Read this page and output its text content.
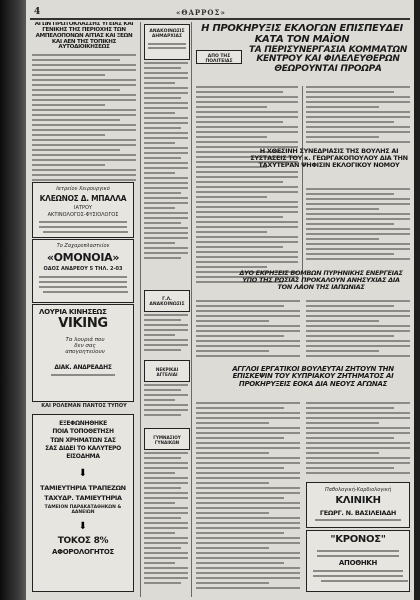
4	«ΘΑΡΡΟΣ»
ΑΓΩΝ ΠΡΩΤΟΚΛΑΣΣΗΣ ΥΓΕΙΑΣ ΚΑΙ ΓΕΝΙΚΗΣ ΤΗΣ ΠΕΡΙΟΧΗΣ ΤΩΝ ΑΜΠΕΛΟΠΟΝΩΝ ΑΙΤΙΑΣ ΚΑΙ ΞΕΩΝ ΚΑΙ ΑΕΝ ΤΗΣ ΤΟΠΙΚΗΣ ΑΥΤΟΔΙΟΙΚΗΣΕΩΣ
Ιατρείον Χειρουργικό
ΚΛΕΩΝΟΣ Δ. ΜΠΑΛΛΑ
ΙΑΤΡΟΥ
ΑΚΤΙΝΟΛΟΓΟΣ-ΦΥΣΙΟΛΟΓΟΣ
Το Ζαχαροπλαστείον
«ΟΜΟΝΟΙΑ»
ΟΔΟΣ ΑΝΔΡΕΟΥ 5 ΤΗΛ. 2-03
ΛΟΥΡΙΑ ΚΙΝΗΣΕΩΣ
VIKING
Τα λουριά που δεν σας απογοητεύουν
ΔΙΑΚ. ΑΝΔΡΕΑΔΗΣ
ΚΑΙ ΡΟΛΕΜΑΝ ΠΑΝΤΟΣ ΤΥΠΟΥ
ΕΞΕΦΩΝΗΘΗΚΕ
ΠΟΙΑ ΤΟΠΟΘΕΤΗΣΗ
ΤΩΝ ΧΡΗΜΑΤΩΝ ΣΑΣ
ΣΑΣ ΔΙΔΕΙ ΤΟ ΚΑΛΥΤΕΡΟ
ΕΙΣΟΔΗΜΑ
⬇
ΤΑΜΙΕΥΤΗΡΙΑ ΤΡΑΠΕΖΩΝ
ΤΑΧΥΔΡ. ΤΑΜΙΕΥΤΗΡΙΑ
ΤΑΜΕΙΟΝ ΠΑΡΑΚΑΤΑΘΗΚΩΝ & ΔΑΝΕΙΩΝ
⬇
ΤΟΚΟΣ 8%
ΑΦΟΡΟΛΟΓΗΤΟΣ
ΑΝΑΚΟΙΝΩΣΙΣ ΔΗΜΑΡΧΙΑΣ
Γ.Λ. ΑΝΑΚΟΙΝΩΣΙΣ
ΝΕΚΡΙΚΑΙ ΑΓΓΕΛΙΑΙ
ΓΥΜΝΑΣΙΟΥ ΓΥΝΑΙΚΩΝ
Η ΠΡΟΚΗΡΥΞΙΣ ΕΚΛΟΓΩΝ ΕΠΙΣΠΕΥΔΕΙ ΚΑΤΑ ΤΟΝ ΜΑΪΟΝ
ΑΠΟ ΤΗΣ ΠΟΛΙΤΕΙΑΣ
ΤΑ ΠΕΡΙΣΥΝΕΡΓΑΣΙΑ ΚΟΜΜΑΤΩΝ ΚΕΝΤΡΟΥ ΚΑΙ ΦΙΛΕΛΕΥΘΕΡΩΝ ΘΕΩΡΟΥΝΤΑΙ ΠΡΟΩΡΑ
Η ΧΘΕΣΙΝΗ ΣΥΝΕΔΡΙΑΣΙΣ ΤΗΣ ΒΟΥΛΗΣ ΑΙ ΣΥΣΤΑΣΕΙΣ ΤΟΥ κ. ΓΕΩΡΓΑΚΟΠΟΥΛΟΥ ΔΙΑ ΤΗΝ ΤΑΧΥΤΕΡΑΝ ΨΗΦΙΣΙΝ ΕΚΛΟΓΙΚΟΥ ΝΟΜΟΥ
ΔΥΟ ΕΚΡΗΞΕΙΣ ΒΟΜΒΩΝ ΠΥΡΗΝΙΚΗΣ ΕΝΕΡΓΕΙΑΣ ΥΠΟ ΤΗΣ ΡΩΣΙΑΣ ΠΡΟΚΑΛΟΥΝ ΑΝΗΣΥΧΙΑΣ ΔΙΑ ΤΟΝ ΛΑΟΝ ΤΗΣ ΙΑΠΩΝΙΑΣ
ΑΓΓΛΟΙ ΕΡΓΑΤΙΚΟΙ ΒΟΥΛΕΥΤΑΙ ΖΗΤΟΥΝ ΤΗΝ ΕΠΙΣΚΕΨΙΝ ΤΟΥ ΚΥΠΡΙΑΚΟΥ ΖΗΤΗΜΑΤΟΣ ΑΙ ΠΡΟΚΗΡΥΞΕΙΣ ΕΟΚΑ ΔΙΑ ΝΕΟΥΣ ΑΓΩΝΑΣ
Παθολογική-Καρδιολογική
ΚΛΙΝΙΚΗ
ΓΕΩΡΓ. Ν. ΒΑΣΙΛΕΙΑΔΗ
"ΚΡΟΝΟΣ"
ΑΠΟΘΗΚΗ
